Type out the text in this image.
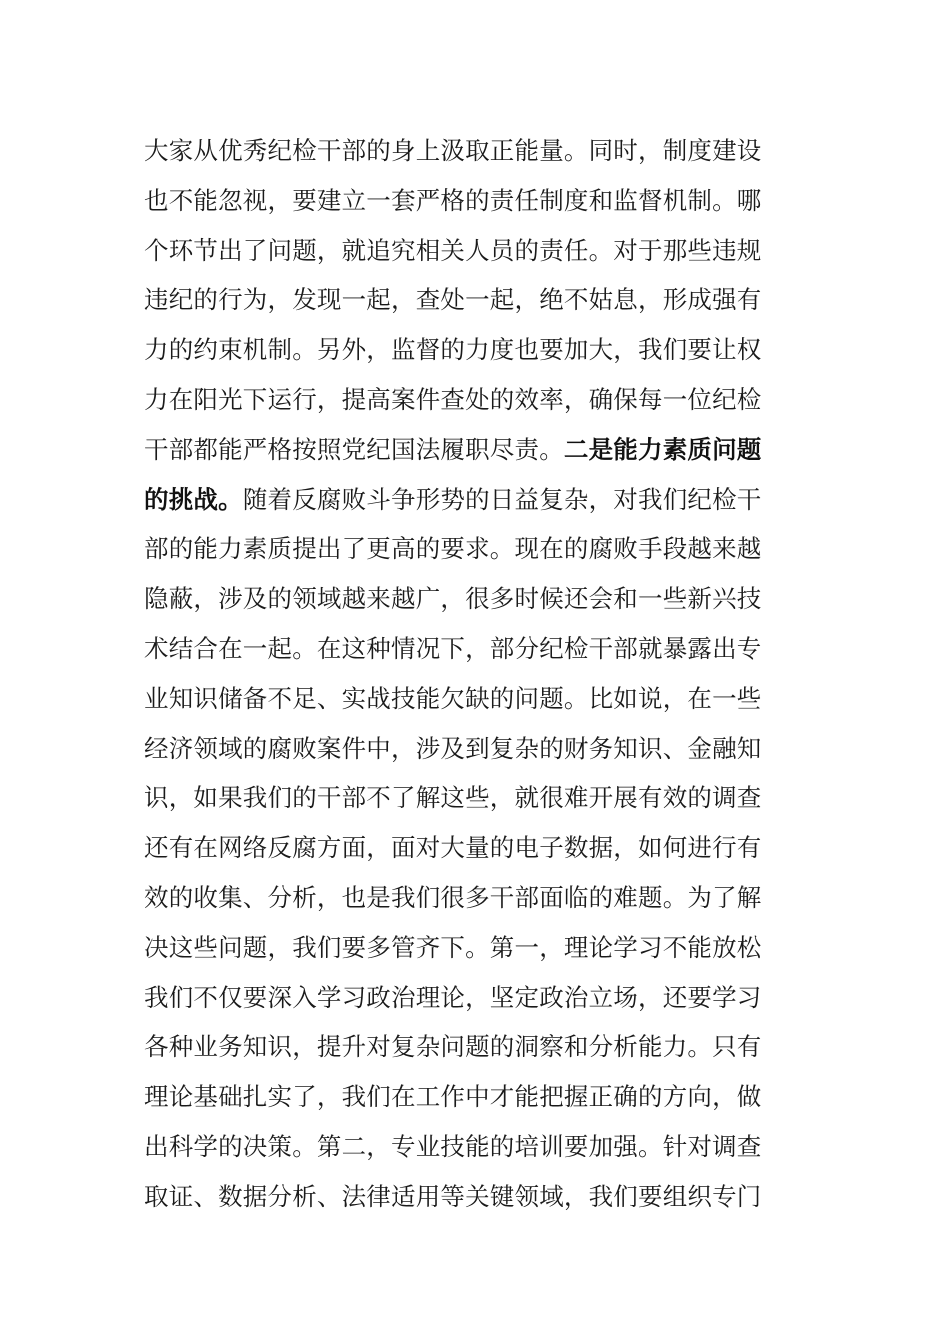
大家从优秀纪检干部的身上汲取正能量。同时，制度建设
也不能忽视，要建立一套严格的责任制度和监督机制。哪
个环节出了问题，就追究相关人员的责任。对于那些违规
违纪的行为，发现一起，查处一起，绝不姑息，形成强有
力的约束机制。另外，监督的力度也要加大，我们要让权
力在阳光下运行，提高案件查处的效率，确保每一位纪检
干部都能严格按照党纪国法履职尽责。二是能力素质问题
的挑战。随着反腐败斗争形势的日益复杂，对我们纪检干
部的能力素质提出了更高的要求。现在的腐败手段越来越
隐蔽，涉及的领域越来越广，很多时候还会和一些新兴技
术结合在一起。在这种情况下，部分纪检干部就暴露出专
业知识储备不足、实战技能欠缺的问题。比如说，在一些
经济领域的腐败案件中，涉及到复杂的财务知识、金融知
识，如果我们的干部不了解这些，就很难开展有效的调查
还有在网络反腐方面，面对大量的电子数据，如何进行有
效的收集、分析，也是我们很多干部面临的难题。为了解
决这些问题，我们要多管齐下。第一，理论学习不能放松
我们不仅要深入学习政治理论，坚定政治立场，还要学习
各种业务知识，提升对复杂问题的洞察和分析能力。只有
理论基础扎实了，我们在工作中才能把握正确的方向，做
出科学的决策。第二，专业技能的培训要加强。针对调查
取证、数据分析、法律适用等关键领域，我们要组织专门
